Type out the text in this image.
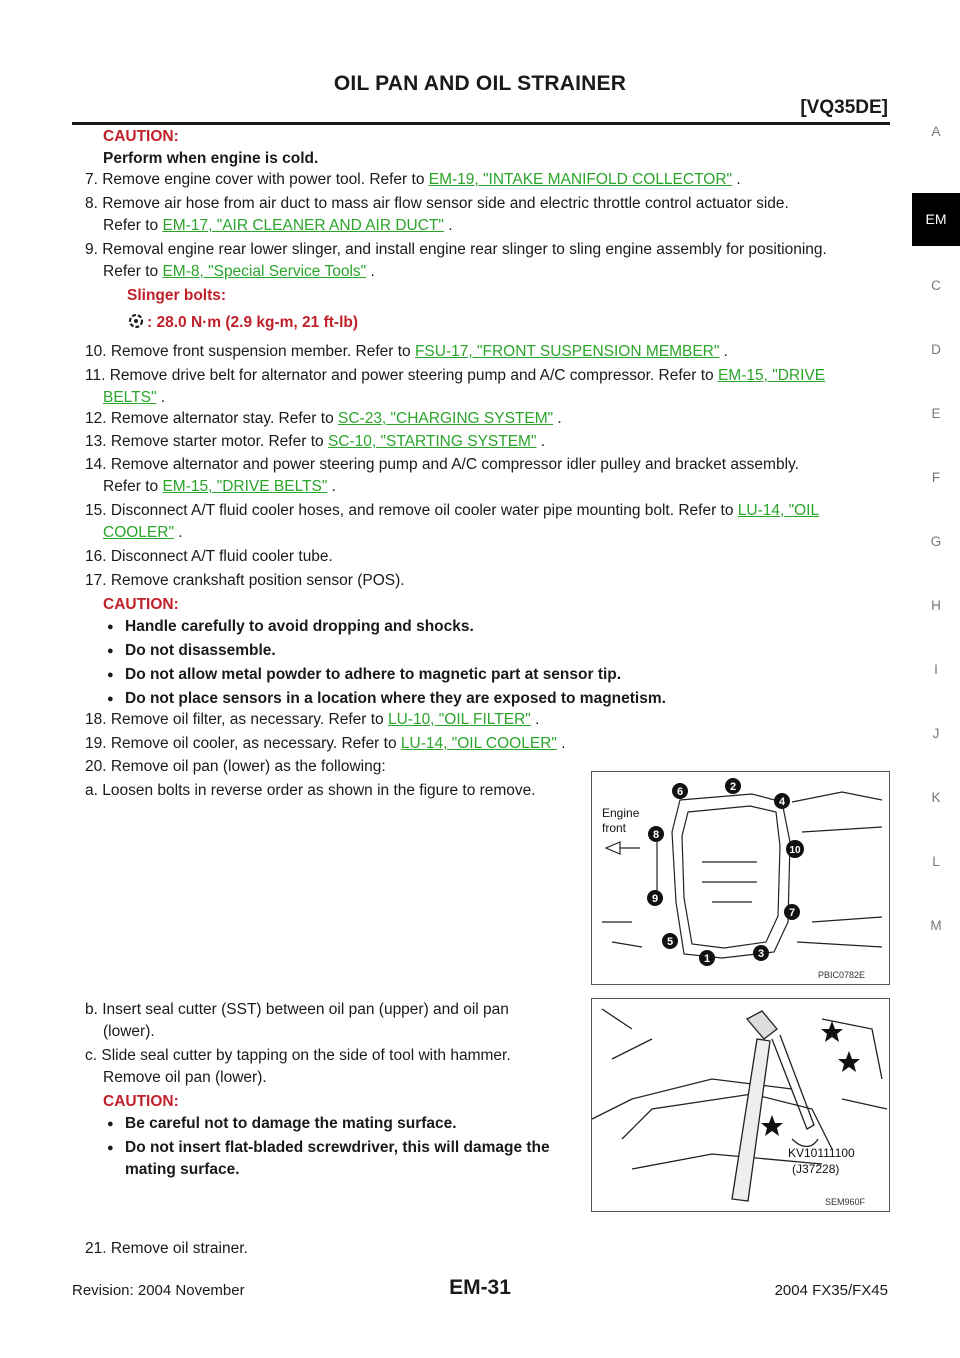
OIL PAN AND OIL STRAINER
[VQ35DE]
A
EM
C
D
E
F
G
H
I
J
K
L
M

CAUTION:

Perform when engine is cold.

7. Remove engine cover with power tool. Refer to EM-19, "INTAKE MANIFOLD COLLECTOR" .

8. Remove air hose from air duct to mass air flow sensor side and electric throttle control actuator side.

Refer to EM-17, "AIR CLEANER AND AIR DUCT" .

9. Removal engine rear lower slinger, and install engine rear slinger to sling engine assembly for positioning.

Refer to EM-8, "Special Service Tools" .

Slinger bolts:

: 28.0 N·m (2.9 kg-m, 21 ft-lb)

10. Remove front suspension member. Refer to FSU-17, "FRONT SUSPENSION MEMBER" .

11. Remove drive belt for alternator and power steering pump and A/C compressor. Refer to EM-15, "DRIVE

BELTS" .

12. Remove alternator stay. Refer to SC-23, "CHARGING SYSTEM" .

13. Remove starter motor. Refer to SC-10, "STARTING SYSTEM" .

14. Remove alternator and power steering pump and A/C compressor idler pulley and bracket assembly.

Refer to EM-15, "DRIVE BELTS" .

15. Disconnect A/T fluid cooler hoses, and remove oil cooler water pipe mounting bolt. Refer to LU-14, "OIL

COOLER" .

16. Disconnect A/T fluid cooler tube.

17. Remove crankshaft position sensor (POS).

CAUTION:

● Handle carefully to avoid dropping and shocks.

● Do not disassemble.

● Do not allow metal powder to adhere to magnetic part at sensor tip.

● Do not place sensors in a location where they are exposed to magnetism.

18. Remove oil filter, as necessary. Refer to LU-10, "OIL FILTER" .

19. Remove oil cooler, as necessary. Refer to LU-14, "OIL COOLER" .

20. Remove oil pan (lower) as the following:

a. Loosen bolts in reverse order as shown in the figure to remove.

b. Insert seal cutter (SST) between oil pan (upper) and oil pan

(lower).

c. Slide seal cutter by tapping on the side of tool with hammer.

Remove oil pan (lower).

CAUTION:

● Be careful not to damage the mating surface.

● Do not insert flat-bladed screwdriver, this will damage the

mating surface.

21. Remove oil strainer.

Engine
front
1
2
3
4
5
6
7
8
9
10
PBIC0782E
KV10111100
(J37228)
SEM960F
Revision: 2004 November	EM-31	2004 FX35/FX45
